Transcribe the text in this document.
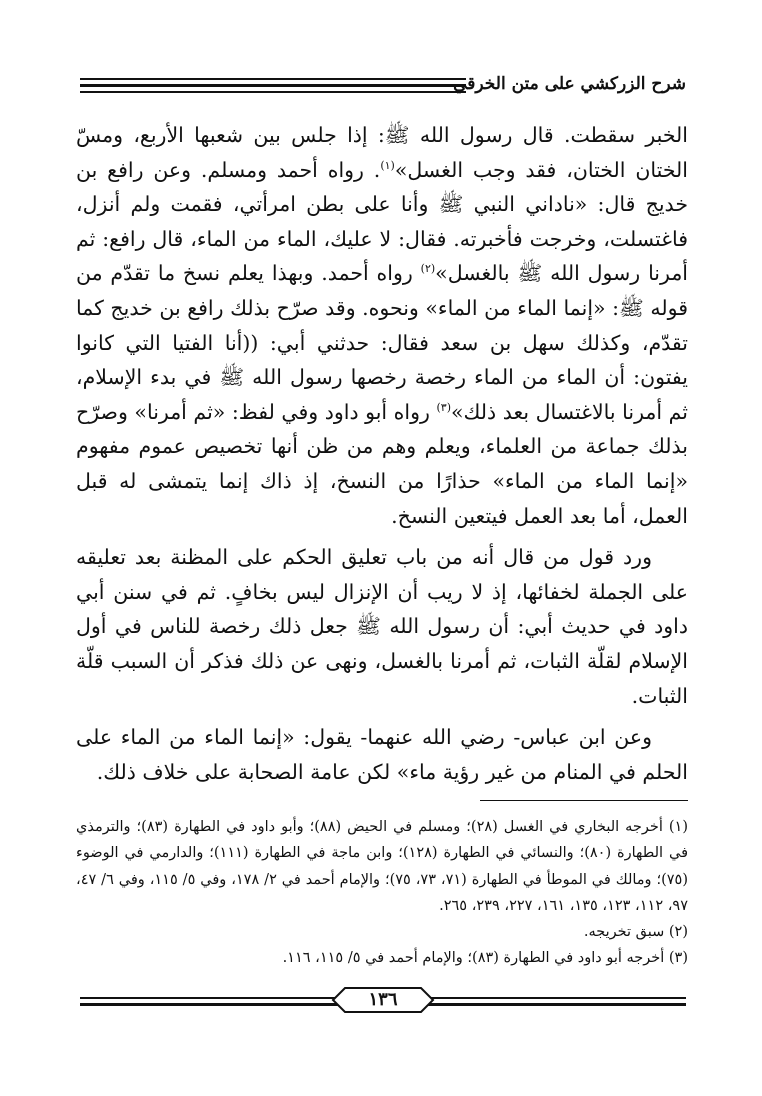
شرح الزركشي على متن الخرقي

الخبر سقطت. قال رسول الله ﷺ: إذا جلس بين شعبها الأربع، ومسّ الختان الختان، فقد وجب الغسل»$^{(١)}$. رواه أحمد ومسلم. وعن رافع بن خديج قال: «ناداني النبي ﷺ وأنا على بطن امرأتي، فقمت ولم أنزل، فاغتسلت، وخرجت فأخبرته. فقال: لا عليك، الماء من الماء، قال رافع: ثم أمرنا رسول الله ﷺ بالغسل»$^{(٢)}$ رواه أحمد. وبهذا يعلم نسخ ما تقدّم من قوله ﷺ: «إنما الماء من الماء» ونحوه. وقد صرّح بذلك رافع بن خديج كما تقدّم، وكذلك سهل بن سعد فقال: حدثني أبي: ((أنا الفتيا التي كانوا يفتون: أن الماء من الماء رخصة رخصها رسول الله ﷺ في بدء الإسلام، ثم أمرنا بالاغتسال بعد ذلك»$^{(٣)}$ رواه أبو داود وفي لفظ: «ثم أمرنا» وصرّح بذلك جماعة من العلماء، ويعلم وهم من ظن أنها تخصيص عموم مفهوم «إنما الماء من الماء» حذارًا من النسخ، إذ ذاك إنما يتمشى له قبل العمل، أما بعد العمل فيتعين النسخ.

ورد قول من قال أنه من باب تعليق الحكم على المظنة بعد تعليقه على الجملة لخفائها، إذ لا ريب أن الإنزال ليس بخافٍ. ثم في سنن أبي داود في حديث أبي: أن رسول الله ﷺ جعل ذلك رخصة للناس في أول الإسلام لقلّة الثبات، ثم أمرنا بالغسل، ونهى عن ذلك فذكر أن السبب قلّة الثبات.

وعن ابن عباس- رضي الله عنهما- يقول: «إنما الماء من الماء على الحلم في المنام من غير رؤية ماء» لكن عامة الصحابة على خلاف ذلك.

(١) أخرجه البخاري في الغسل (٢٨)؛ ومسلم في الحيض (٨٨)؛ وأبو داود في الطهارة (٨٣)؛ والترمذي في الطهارة (٨٠)؛ والنسائي في الطهارة (١٢٨)؛ وابن ماجة في الطهارة (١١١)؛ والدارمي في الوضوء (٧٥)؛ ومالك في الموطأ في الطهارة (٧١، ٧٣، ٧٥)؛ والإمام أحمد في ٢/ ١٧٨، وفي ٥/ ١١٥، وفي ٦/ ٤٧، ٩٧، ١١٢، ١٢٣، ١٣٥، ١٦١، ٢٢٧، ٢٣٩، ٢٦٥.

(٢) سبق تخريجه.

(٣) أخرجه أبو داود في الطهارة (٨٣)؛ والإمام أحمد في ٥/ ١١٥، ١١٦.

١٣٦
